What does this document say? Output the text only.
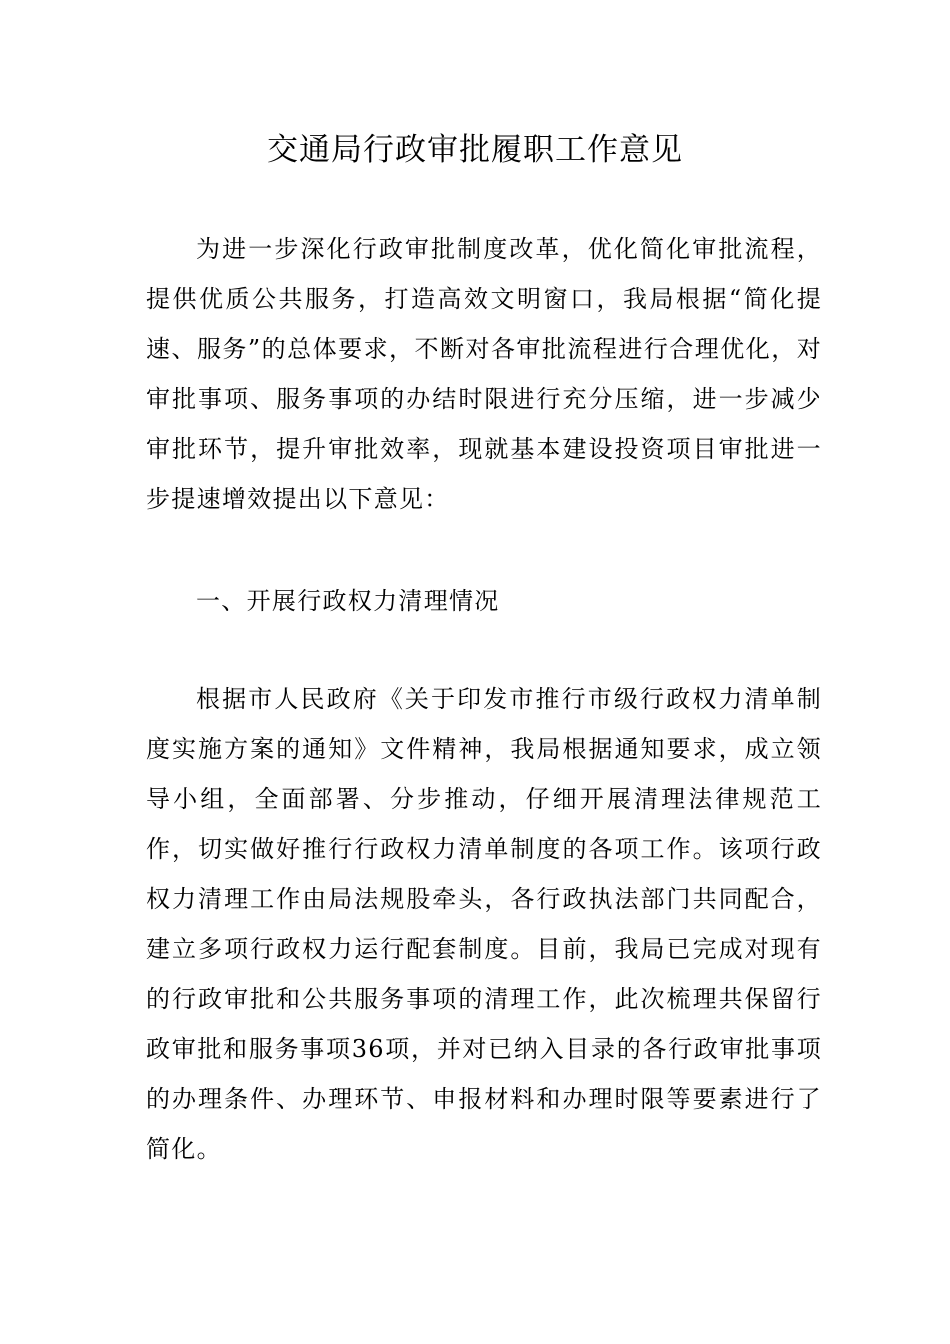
交通局行政审批履职工作意见

为进一步深化行政审批制度改革，优化简化审批流程，提供优质公共服务，打造高效文明窗口，我局根据“简化提速、服务”的总体要求，不断对各审批流程进行合理优化，对审批事项、服务事项的办结时限进行充分压缩，进一步减少审批环节，提升审批效率，现就基本建设投资项目审批进一步提速增效提出以下意见：

一、开展行政权力清理情况

根据市人民政府《关于印发市推行市级行政权力清单制度实施方案的通知》文件精神，我局根据通知要求，成立领导小组，全面部署、分步推动，仔细开展清理法律规范工作，切实做好推行行政权力清单制度的各项工作。该项行政权力清理工作由局法规股牵头，各行政执法部门共同配合，建立多项行政权力运行配套制度。目前，我局已完成对现有的行政审批和公共服务事项的清理工作，此次梳理共保留行政审批和服务事项36项，并对已纳入目录的各行政审批事项的办理条件、办理环节、申报材料和办理时限等要素进行了简化。
